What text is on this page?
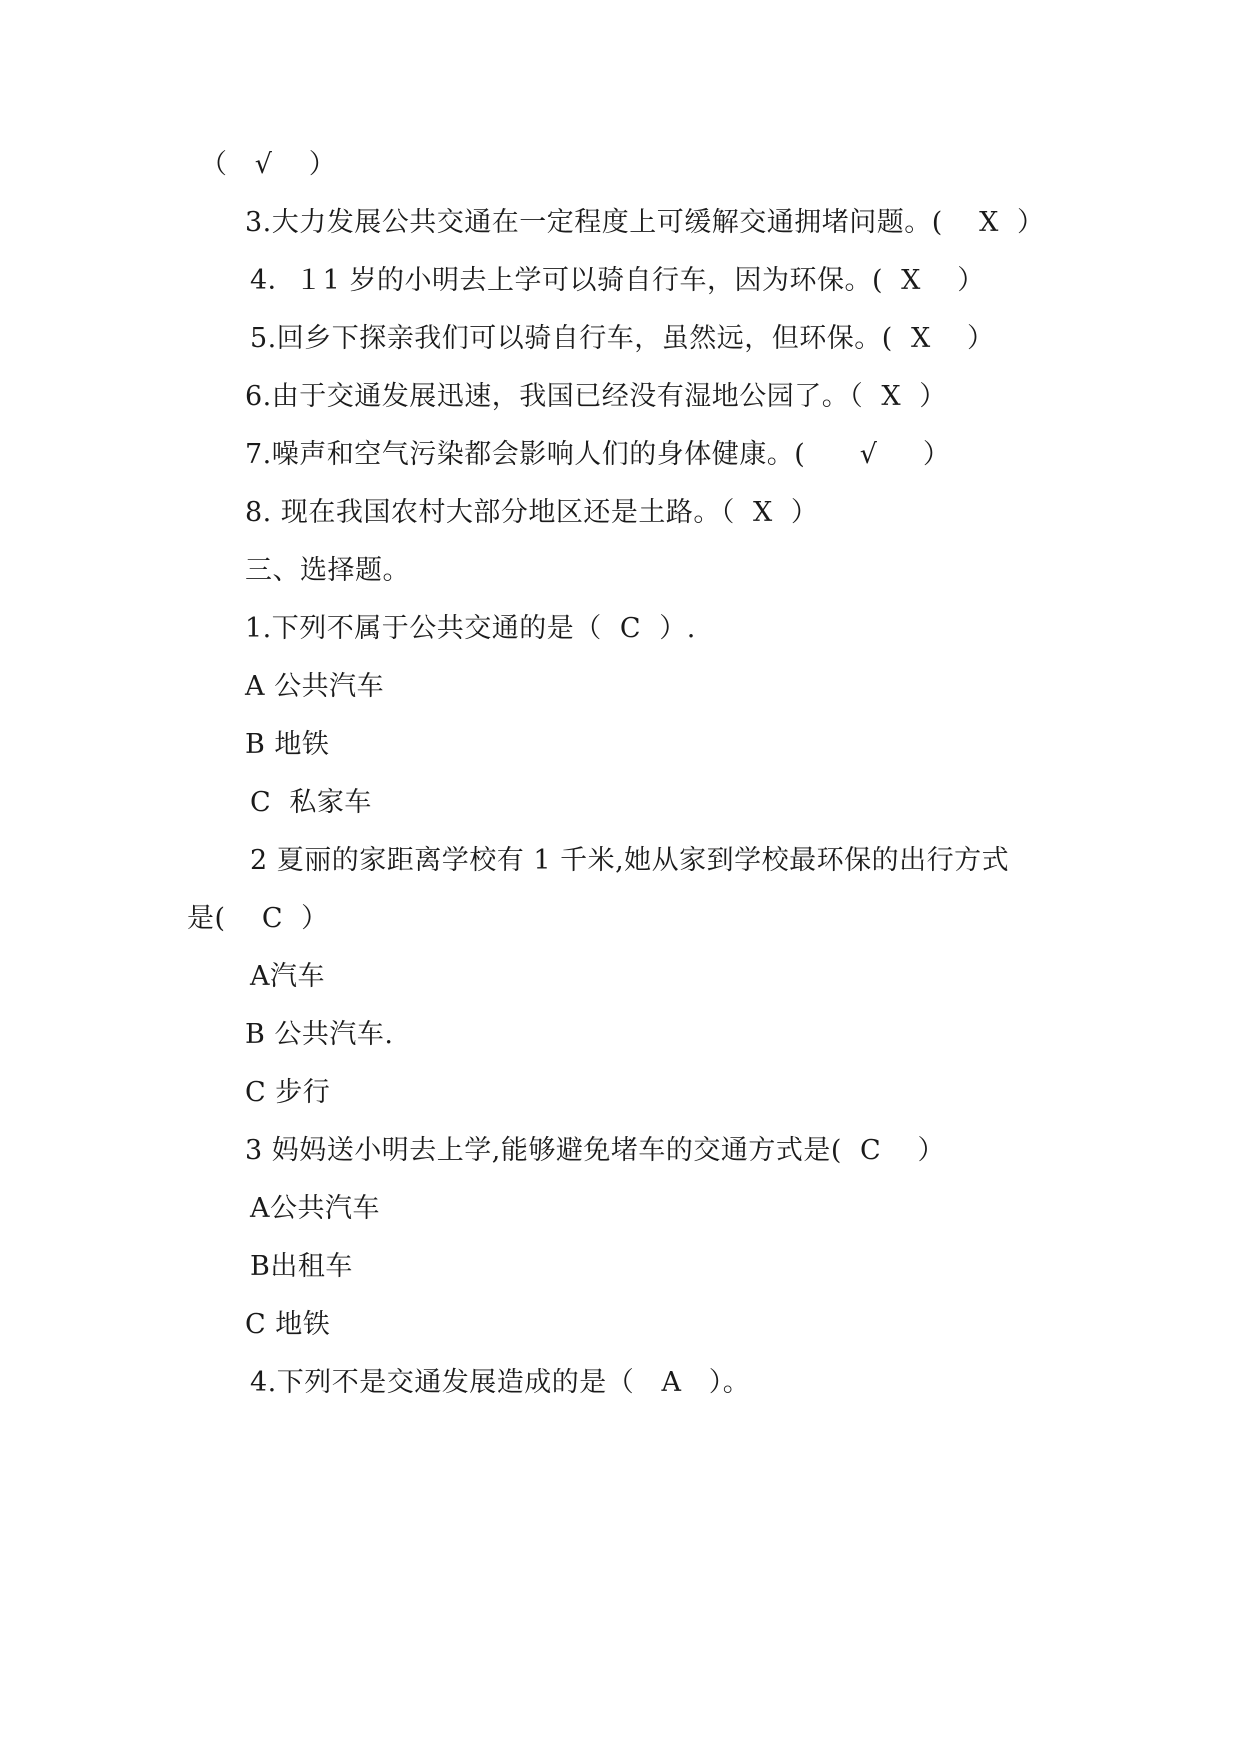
（   √    ）
3.大力发展公共交通在一定程度上可缓解交通拥堵问题。(    X  ）
4．１1 岁的小明去上学可以骑自行车，因为环保。(  X    ）
5.回乡下探亲我们可以骑自行车，虽然远，但环保。(  X    ）
6.由于交通发展迅速，我国已经没有湿地公园了。（  X  ）
7.噪声和空气污染都会影响人们的身体健康。(      √     ）
8. 现在我国农村大部分地区还是土路。（  X  ）
三、选择题。
1.下列不属于公共交通的是（  C  ）.
A 公共汽车
B 地铁
C  私家车
2 夏丽的家距离学校有 1 千米,她从家到学校最环保的出行方式
是(    C  ）
A汽车
B 公共汽车.
C 步行
3 妈妈送小明去上学,能够避免堵车的交通方式是(  C    ）
A公共汽车
B出租车
C 地铁
4.下列不是交通发展造成的是（   A   ）。
